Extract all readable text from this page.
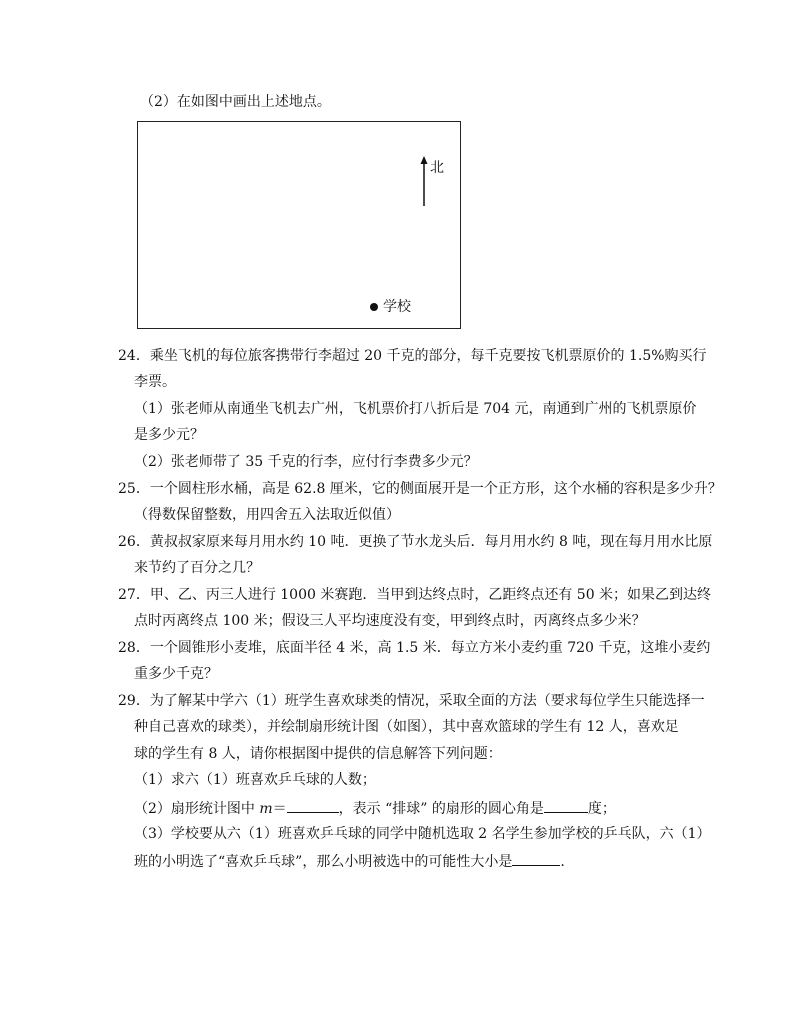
（2）在如图中画出上述地点。
北
学校
24．乘坐飞机的每位旅客携带行李超过 20 千克的部分，每千克要按飞机票原价的 1.5%购买行
李票。
（1）张老师从南通坐飞机去广州，飞机票价打八折后是 704 元，南通到广州的飞机票原价
是多少元？
（2）张老师带了 35 千克的行李，应付行李费多少元？
25．一个圆柱形水桶，高是 62.8 厘米，它的侧面展开是一个正方形，这个水桶的容积是多少升？
（得数保留整数，用四舍五入法取近似值）
26．黄叔叔家原来每月用水约 10 吨．更换了节水龙头后．每月用水约 8 吨，现在每月用水比原
来节约了百分之几？
27．甲、乙、丙三人进行 1000 米赛跑．当甲到达终点时，乙距终点还有 50 米；如果乙到达终
点时丙离终点 100 米；假设三人平均速度没有变，甲到终点时，丙离终点多少米？
28．一个圆锥形小麦堆，底面半径 4 米，高 1.5 米．每立方米小麦约重 720 千克，这堆小麦约
重多少千克？
29．为了解某中学六（1）班学生喜欢球类的情况，采取全面的方法（要求每位学生只能选择一
种自己喜欢的球类），并绘制扇形统计图（如图），其中喜欢篮球的学生有 12 人，喜欢足
球的学生有 8 人，请你根据图中提供的信息解答下列问题：
（1）求六（1）班喜欢乒乓球的人数；
（2）扇形统计图中 m＝	，表示 “排球” 的扇形的圆心角是	度；
（3）学校要从六（1）班喜欢乒乓球的同学中随机选取 2 名学生参加学校的乒乓队，六（1）
班的小明选了“喜欢乒乓球”，那么小明被选中的可能性大小是	.
